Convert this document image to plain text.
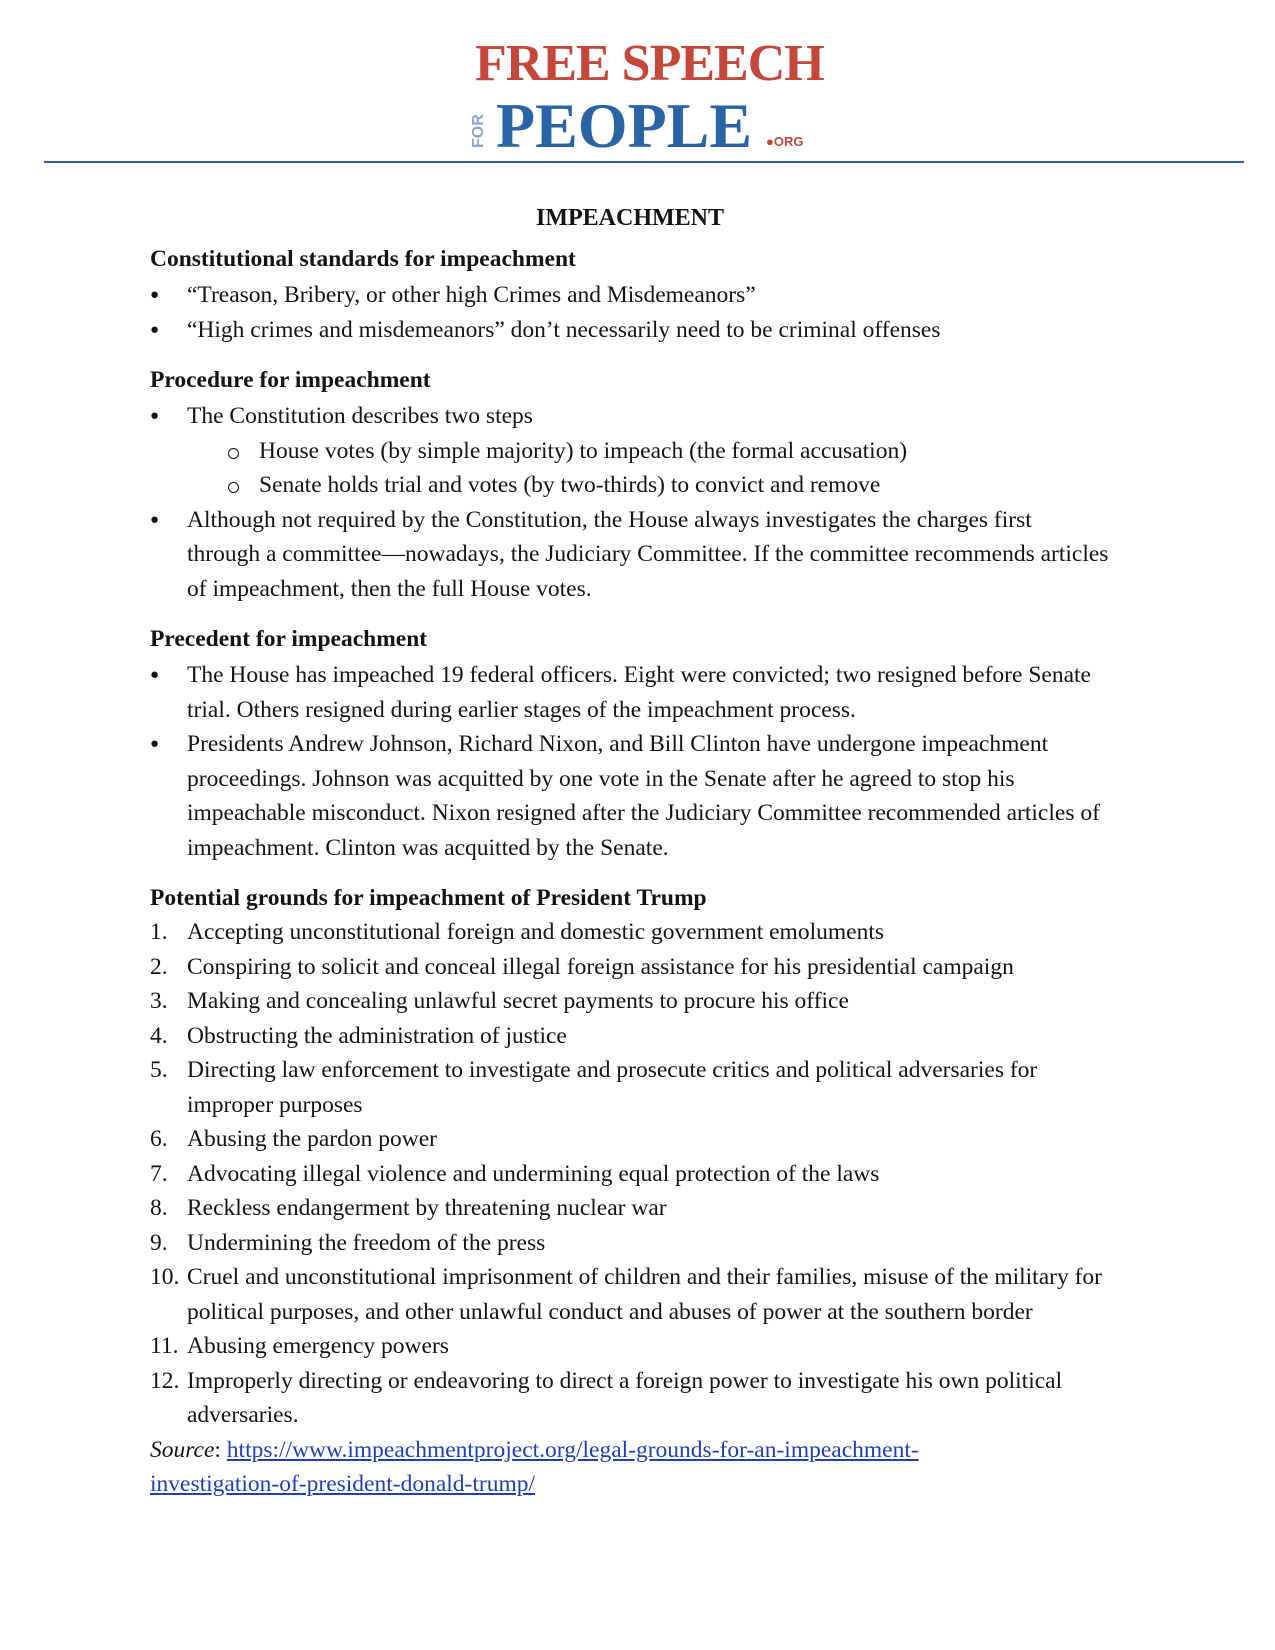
FREE SPEECH
FOR PEOPLE ●ORG
IMPEACHMENT
Constitutional standards for impeachment
● “Treason, Bribery, or other high Crimes and Misdemeanors”
● “High crimes and misdemeanors” don’t necessarily need to be criminal offenses
Procedure for impeachment
● The Constitution describes two steps
House votes (by simple majority) to impeach (the formal accusation)
Senate holds trial and votes (by two-thirds) to convict and remove
● Although not required by the Constitution, the House always investigates the charges first through a committee—nowadays, the Judiciary Committee. If the committee recommends articles of impeachment, then the full House votes.
Precedent for impeachment
● The House has impeached 19 federal officers. Eight were convicted; two resigned before Senate trial. Others resigned during earlier stages of the impeachment process.
● Presidents Andrew Johnson, Richard Nixon, and Bill Clinton have undergone impeachment proceedings. Johnson was acquitted by one vote in the Senate after he agreed to stop his impeachable misconduct. Nixon resigned after the Judiciary Committee recommended articles of impeachment. Clinton was acquitted by the Senate.
Potential grounds for impeachment of President Trump
1. Accepting unconstitutional foreign and domestic government emoluments
2. Conspiring to solicit and conceal illegal foreign assistance for his presidential campaign
3. Making and concealing unlawful secret payments to procure his office
4. Obstructing the administration of justice
5. Directing law enforcement to investigate and prosecute critics and political adversaries for improper purposes
6. Abusing the pardon power
7. Advocating illegal violence and undermining equal protection of the laws
8. Reckless endangerment by threatening nuclear war
9. Undermining the freedom of the press
10. Cruel and unconstitutional imprisonment of children and their families, misuse of the military for political purposes, and other unlawful conduct and abuses of power at the southern border
11. Abusing emergency powers
12. Improperly directing or endeavoring to direct a foreign power to investigate his own political adversaries.
Source: https://www.impeachmentproject.org/legal-grounds-for-an-impeachment-
investigation-of-president-donald-trump/
